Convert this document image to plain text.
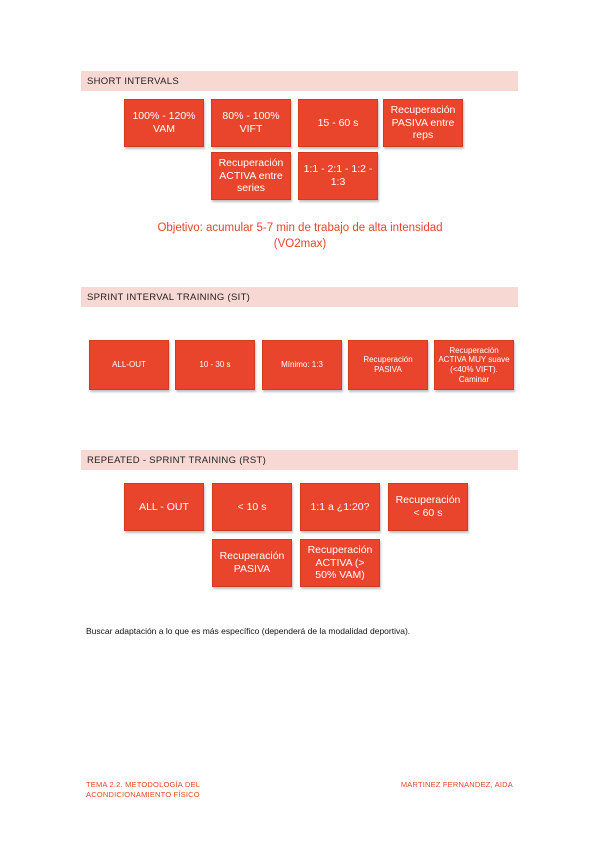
SHORT INTERVALS
100% - 120% VAM
80% - 100% VIFT
15 - 60 s
Recuperación PASIVA entre reps
Recuperación ACTIVA entre series
1:1 - 2:1 - 1:2 - 1:3
Objetivo: acumular 5-7 min de trabajo de alta intensidad (VO2max)
SPRINT INTERVAL TRAINING (SIT)
ALL-OUT	10 - 30 s	Mínimo: 1:3
Recuperación PASIVA
Recuperación ACTIVA MUY suave (<40% VIFT). Caminar
REPEATED - SPRINT TRAINING (RST)
ALL - OUT	< 10 s	1:1 a ¿1:20?
Recuperación < 60 s
Recuperación PASIVA
Recuperación ACTIVA (> 50% VAM)
Buscar adaptación a lo que es más específico (dependerá de la modalidad deportiva).
TEMA 2.2. METODOLOGÍA DEL
ACONDICIONAMIENTO FÍSICO
MARTINEZ FERNANDEZ, AIDA
